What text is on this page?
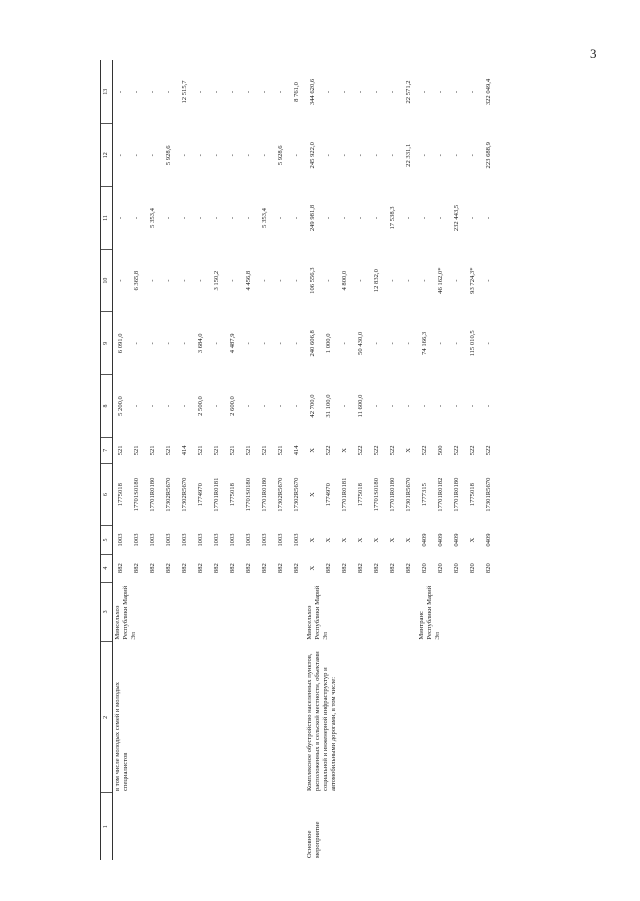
3
1	2	3	4	5	6	7	8	9	10	11	12	13
	в том числе молодых семей и молодых специалистов	Минсельхоз Республики Марий Эл	882	1003	1775018	521	5 200,0	6 091,0	-	-	-	-
			882	1003	17701S0180	521	-	-	6 365,8	-	-	-
			882	1003	17701R0180	521	-	-	-	5 353,4	-	-
			882	1003	17302R5670	521	-	-	-	-	5 928,6	-
			882	1003	17302R5670	414	-	-	-	-	-	12 515,7
			882	1003	1774970	521	2 500,0	3 684,0	-	-	-	-
			882	1003	17701R0181	521	-	-	3 150,2	-	-	-
			882	1003	1775018	521	2 600,0	4 487,9	-	-	-	-
			882	1003	17701S0180	521	-	-	4 456,8	-	-	-
			882	1003	17701R0180	521	-	-	-	5 353,4	-	-
			882	1003	17302R5670	521	-	-	-	-	5 928,6	-
			882	1003	17302R5670	414	-	-	-	-	-	8 761,0
Основное мероприятие	Комплексное обустройство населенных пунктов, расположенных в сельской местности, объектами социальной и инженерной инфраструктур и автомобильными дорогами, в том числе:	Минсельхоз Республики Марий Эл	X	X	X	X	42 700,0	240 606,8	106 556,3	249 981,8	245 922,0	344 620,6
			882	X	1774970	522	31 100,0	1 000,0	-	-	-	-
			882	X	17701R0181	X	-	-	4 800,0	-	-	-
			882	X	1775018	522	11 600,0	50 430,0	-	-	-	-
			882	X	17701S0180	522	-	-	12 832,0	-	-	-
			882	X	17701R0180	522	-	-	-	17 538,3	-	-
			882	X	17301R5670	X	-	-	-	-	22 331,1	22 571,2
		Минтранс Республики Марий Эл	820	0409	1777315	522	-	74 166,3	-	-	-	-
			820	0409	17701R0182	500	-	-	46 162,0*	-	-	-
			820	0409	17701R0180	522	-	-	-	232 443,5	-	-
			820	X	1775018	522	-	115 010,5	93 724,3*	-	-	-
			820	0409	17301R5670	522	-	-	-	-	223 688,9	322 049,4
